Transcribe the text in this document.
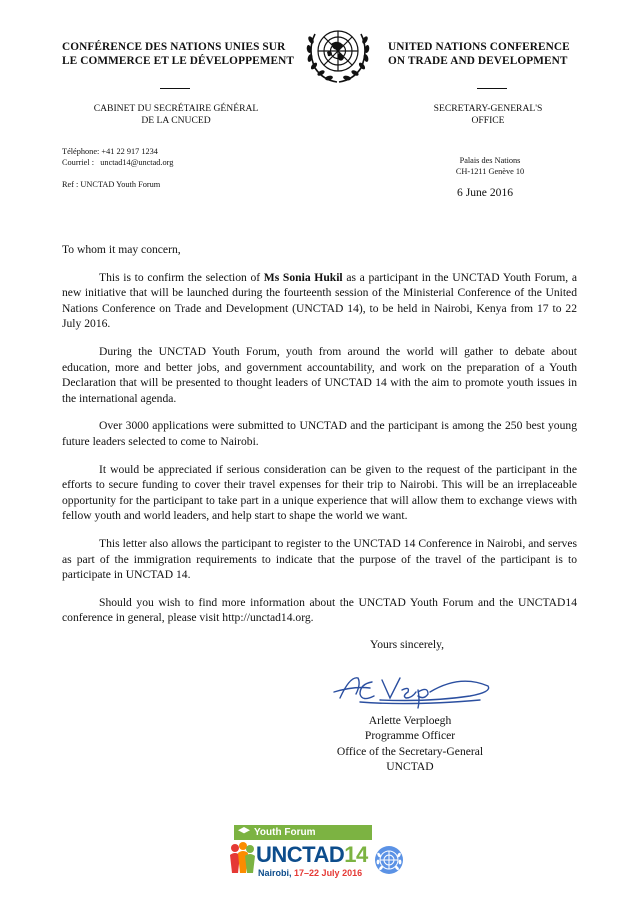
CONFÉRENCE DES NATIONS UNIES SUR
LE COMMERCE ET LE DÉVELOPPEMENT
UNITED NATIONS CONFERENCE
ON TRADE AND DEVELOPMENT
CABINET DU SECRÉTAIRE GÉNÉRAL
DE LA CNUCED
SECRETARY-GENERAL'S
OFFICE
Téléphone: +41 22 917 1234
Courriel : unctad14@unctad.org
Ref : UNCTAD Youth Forum
Palais des Nations
CH-1211 Genève 10
6 June 2016

To whom it may concern,

This is to confirm the selection of Ms Sonia Hukil as a participant in the UNCTAD Youth Forum, a new initiative that will be launched during the fourteenth session of the Ministerial Conference of the United Nations Conference on Trade and Development (UNCTAD 14), to be held in Nairobi, Kenya from 17 to 22 July 2016.

During the UNCTAD Youth Forum, youth from around the world will gather to debate about education, more and better jobs, and government accountability, and work on the preparation of a Youth Declaration that will be presented to thought leaders of UNCTAD 14 with the aim to promote youth issues in the international agenda.

Over 3000 applications were submitted to UNCTAD and the participant is among the 250 best young future leaders selected to come to Nairobi.

It would be appreciated if serious consideration can be given to the request of the participant in the efforts to secure funding to cover their travel expenses for their trip to Nairobi. This will be an irreplaceable opportunity for the participant to take part in a unique experience that will allow them to exchange views with fellow youth and world leaders, and help start to shape the world we want.

This letter also allows the participant to register to the UNCTAD 14 Conference in Nairobi, and serves as part of the immigration requirements to indicate that the purpose of the travel of the participant is to participate in UNCTAD 14.

Should you wish to find more information about the UNCTAD Youth Forum and the UNCTAD14 conference in general, please visit http://unctad14.org.

Yours sincerely,
Arlette Verploegh
Programme Officer
Office of the Secretary-General
UNCTAD
Youth Forum
UNCTAD14
Nairobi, 17–22 July 2016
